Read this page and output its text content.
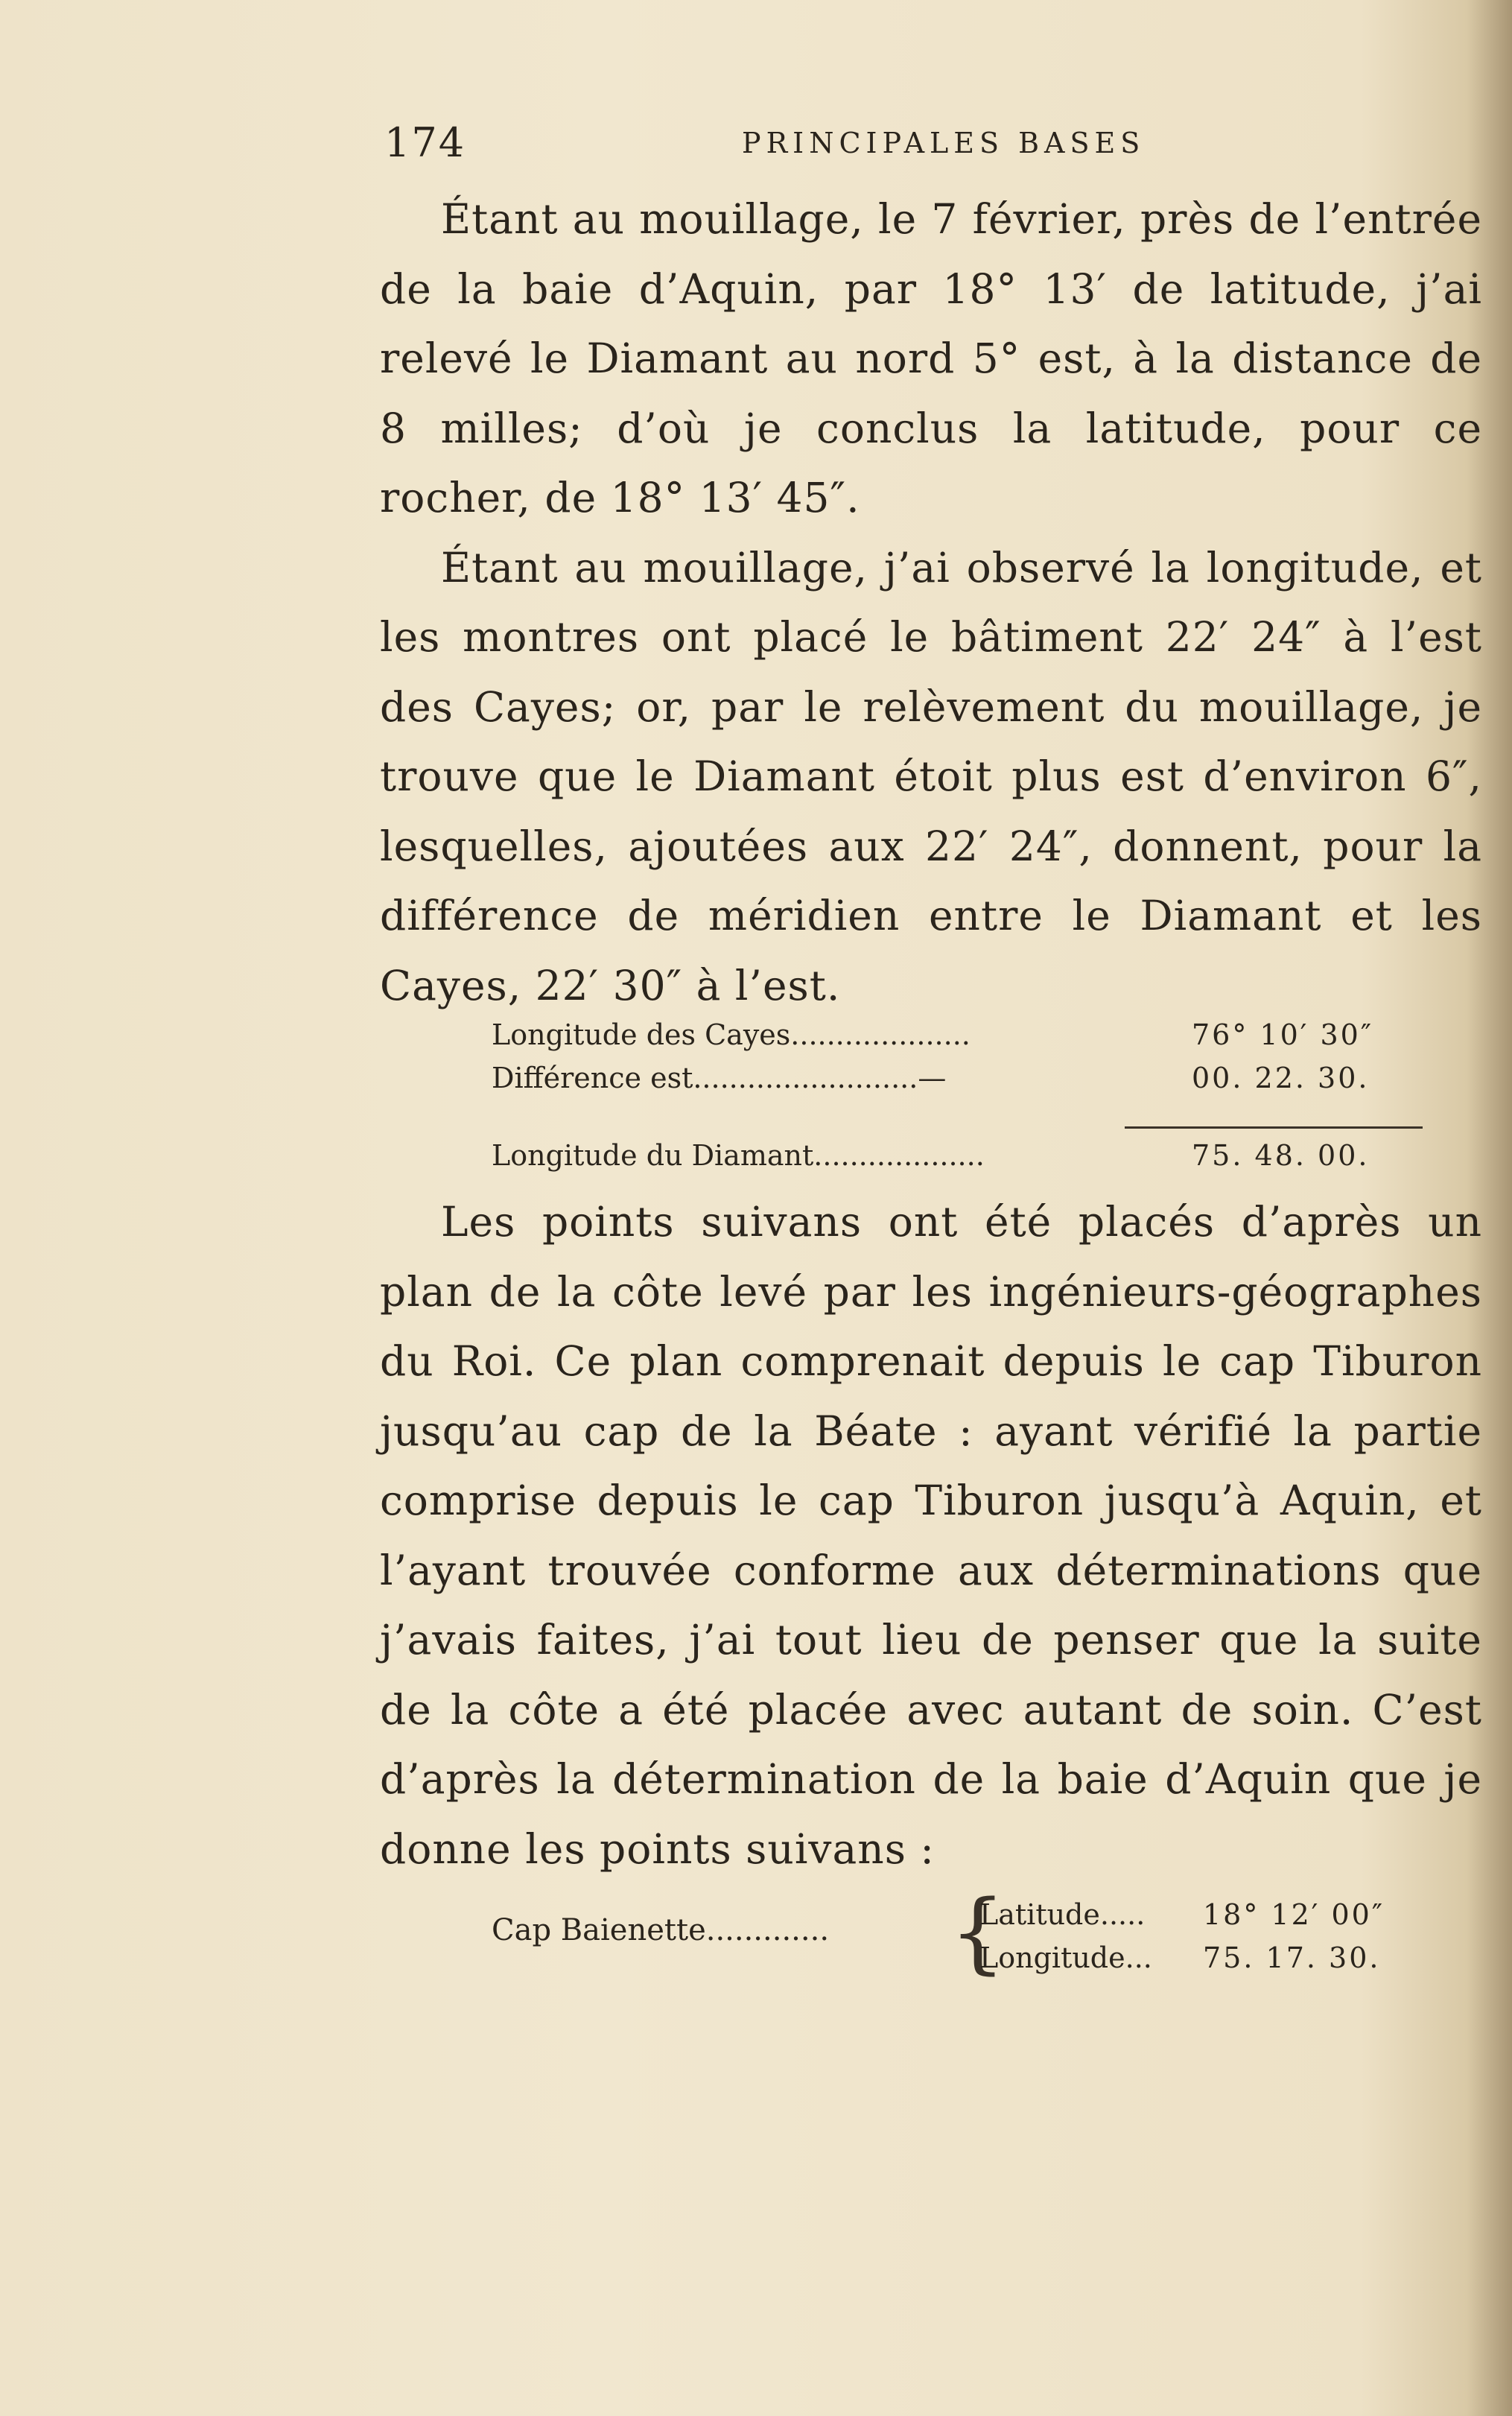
174	PRINCIPALES BASES

Étant au mouillage, le 7 février, près de l’entrée de la baie d’Aquin, par 18° 13′ de latitude, j’ai relevé le Diamant au nord 5° est, à la distance de 8 milles; d’où je conclus la latitude, pour ce rocher, de 18° 13′ 45″.

Étant au mouillage, j’ai observé la longitude, et les montres ont placé le bâtiment 22′ 24″ à l’est des Cayes; or, par le relèvement du mouillage, je trouve que le Diamant étoit plus est d’environ 6″, lesquelles, ajoutées aux 22′ 24″, donnent, pour la différence de méridien entre le Diamant et les Cayes, 22′ 30″ à l’est.

Longitude des Cayes....................	76° 10′ 30″
Différence est.........................—	00. 22. 30.
Longitude du Diamant...................	75. 48. 00.

Les points suivans ont été placés d’après un plan de la côte levé par les ingénieurs-géographes du Roi. Ce plan comprenait depuis le cap Tiburon jusqu’au cap de la Béate : ayant vérifié la partie comprise depuis le cap Tiburon jusqu’à Aquin, et l’ayant trouvée conforme aux déterminations que j’avais faites, j’ai tout lieu de penser que la suite de la côte a été placée avec autant de soin. C’est d’après la détermination de la baie d’Aquin que je donne les points suivans :

Cap Baienette............. {
Latitude..... 18° 12′ 00″
Longitude... 75. 17. 30.
